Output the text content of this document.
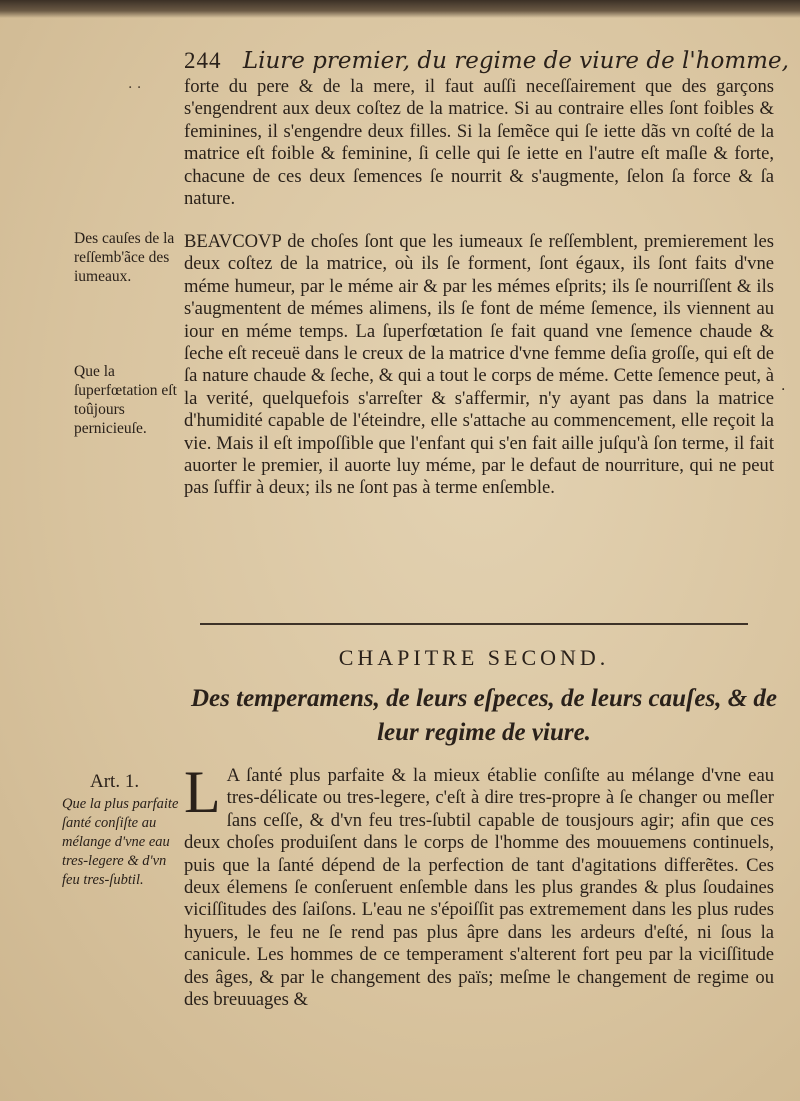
244 Liure premier, du regime de viure de l'homme,
· · forte du pere & de la mere, il faut auſſi neceſſairement que des garçons s'engendrent aux deux coſtez de la matrice. Si au contraire elles ſont foibles & feminines, il s'engendre deux filles. Si la ſemẽce qui ſe iette dãs vn coſté de la matrice eſt foible & feminine, ſi celle qui ſe iette en l'autre eſt maſle & forte, chacune de ces deux ſemences ſe nourrit & s'augmente, ſelon ſa force & ſa nature.
Des cauſes de la reſſemb'ãce des iumeaux.
BEAVCOVP de choſes ſont que les iumeaux ſe reſſemblent, premierement les deux coſtez de la matrice, où ils ſe forment, ſont égaux, ils ſont faits d'vne méme humeur, par le méme air & par les mémes eſprits; ils ſe nourriſſent & ils s'augmentent de mémes alimens, ils ſe font de méme ſemence, ils viennent au iour en méme temps. La ſuperfœtation ſe fait quand vne ſemence chaude & ſeche eſt receuë dans le creux de la matrice d'vne femme deſia groſſe, qui eſt de ſa nature chaude & ſeche, & qui a tout le corps de méme. Cette ſemence peut, à la verité, quelquefois s'arreſter & s'affermir, n'y ayant pas dans la matrice d'humidité capable de l'éteindre, elle s'attache au commencement, elle reçoit la vie. Mais il eſt impoſſible que l'enfant qui s'en fait aille juſqu'à ſon terme, il fait auorter le premier, il auorte luy méme, par le defaut de nourriture, qui ne peut pas ſuffir à deux; ils ne ſont pas à terme enſemble.
Que la ſuperfœtation eſt toûjours pernicieuſe.
·
CHAPITRE SECOND.
Des temperamens, de leurs eſpeces, de leurs cauſes, & de leur regime de viure.
Art. 1.
Que la plus parfaite ſanté conſiſte au mélange d'vne eau tres-legere & d'vn feu tres-ſubtil.
L A ſanté plus parfaite & la mieux établie conſiſte au mélange d'vne eau tres-délicate ou tres-legere, c'eſt à dire tres-propre à ſe changer ou meſler ſans ceſſe, & d'vn feu tres-ſubtil capable de tousjours agir; afin que ces deux choſes produiſent dans le corps de l'homme des mouuemens continuels, puis que la ſanté dépend de la perfection de tant d'agitations differẽtes. Ces deux élemens ſe conſeruent enſemble dans les plus grandes & plus ſoudaines viciſſitudes des ſaiſons. L'eau ne s'époiſſit pas extremement dans les plus rudes hyuers, le feu ne ſe rend pas plus âpre dans les ardeurs d'eſté, ni ſous la canicule. Les hommes de ce temperament s'alterent fort peu par la viciſſitude des âges, & par le changement des païs; meſme le changement de regime ou des breuuages &
